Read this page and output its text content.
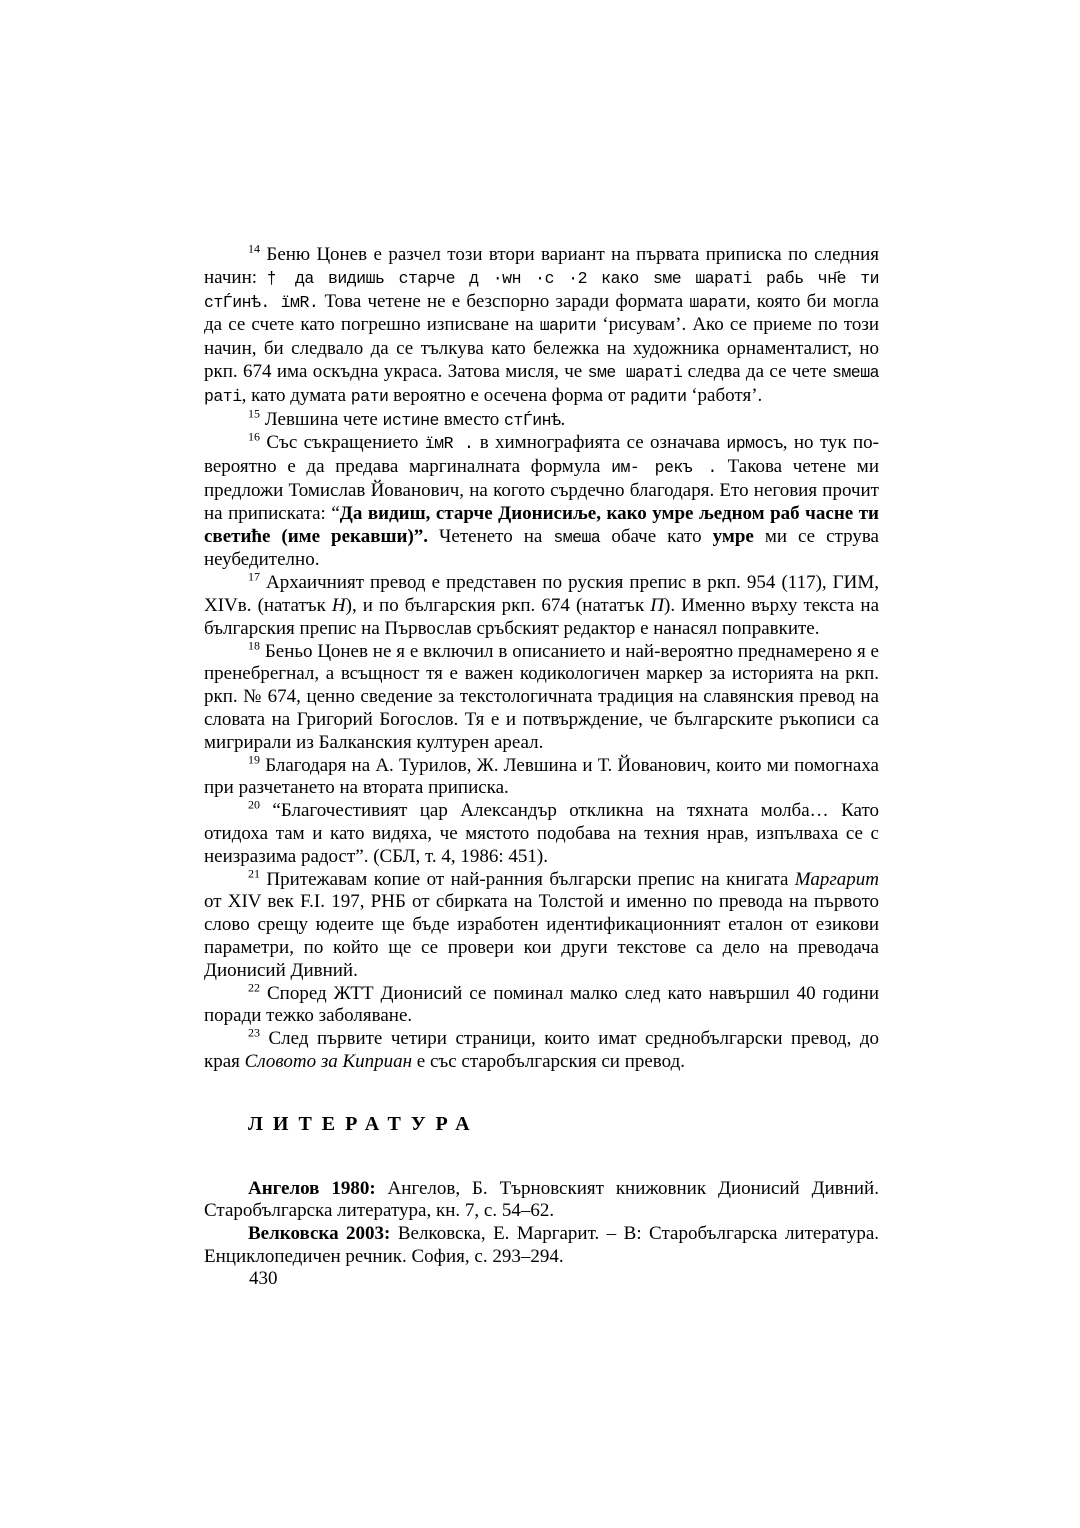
$^{14}$ Беню Цонев е разчел този втори вариант на първата приписка по следния начин: † да видишь старче д ·wн ·с ·2 како ѕме шараті рабь чн҃е ти стЃинѣ. ïмR. Това четене не е безспорно заради формата шарати, която би могла да се счете като погрешно изписване на шарити ‘рисувам’. Ако се приеме по този начин, би следвало да се тълкува като бележка на художника орнаменталист, но ркп. 674 има оскъдна украса. Затова мисля, че ѕме шараті следва да се чете ѕмеша раті, като думата рати вероятно е осечена форма от радити ‘работя’.

$^{15}$ Левшина чете истине вместо стЃинѣ.

$^{16}$ Със съкращението ïмR . в химнографията се означава ирмосъ, но тук по-вероятно е да предава маргиналната формула им- рекъ . Такова четене ми предложи Томислав Йованович, на когото сърдечно благодаря. Ето неговия прочит на приписката: “Да видиш, старче Дионисиље, како умре љедном раб часне ти светиће (име рекавши)”. Четенето на ѕмеша обаче като умре ми се струва неубедително.

$^{17}$ Архаичният превод е представен по руския препис в ркп. 954 (117), ГИМ, XIVв. (нататък Н), и по българския ркп. 674 (нататък П). Именно върху текста на българския препис на Първослав сръбският редактор е нанасял поправките.

$^{18}$ Беньо Цонев не я е включил в описанието и най-вероятно преднамерено я е пренебрегнал, а всъщност тя е важен кодикологичен маркер за историята на ркп. ркп. № 674, ценно сведение за текстологичната традиция на славянския превод на словата на Григорий Богослов. Тя е и потвърждение, че българските ръкописи са мигрирали из Балканския културен ареал.

$^{19}$ Благодаря на А. Турилов, Ж. Левшина и Т. Йованович, които ми помогнаха при разчетането на втората приписка.

$^{20}$ “Благочестивият цар Александър откликна на тяхната молба… Като отидоха там и като видяха, че мястото подобава на техния нрав, изпълваха се с неизразима радост”. (СБЛ, т. 4, 1986: 451).

$^{21}$ Притежавам копие от най-ранния български препис на книгата Маргарит от XIV век F.I. 197, РНБ от сбирката на Толстой и именно по превода на първото слово срещу юдеите ще бъде изработен идентификационният еталон от езикови параметри, по който ще се провери кои други текстове са дело на преводача Дионисий Дивний.

$^{22}$ Според ЖТТ Дионисий се поминал малко след като навършил 40 години поради тежко заболяване.

$^{23}$ След първите четири страници, които имат среднобългарски превод, до края Словото за Киприан е със старобългарския си превод.

ЛИТЕРАТУРА

Ангелов 1980: Ангелов, Б. Търновският книжовник Дионисий Дивний. Старобългарска литература, кн. 7, с. 54–62.

Велковска 2003: Велковска, Е. Маргарит. – В: Старобългарска литература. Енциклопедичен речник. София, с. 293–294.

430
